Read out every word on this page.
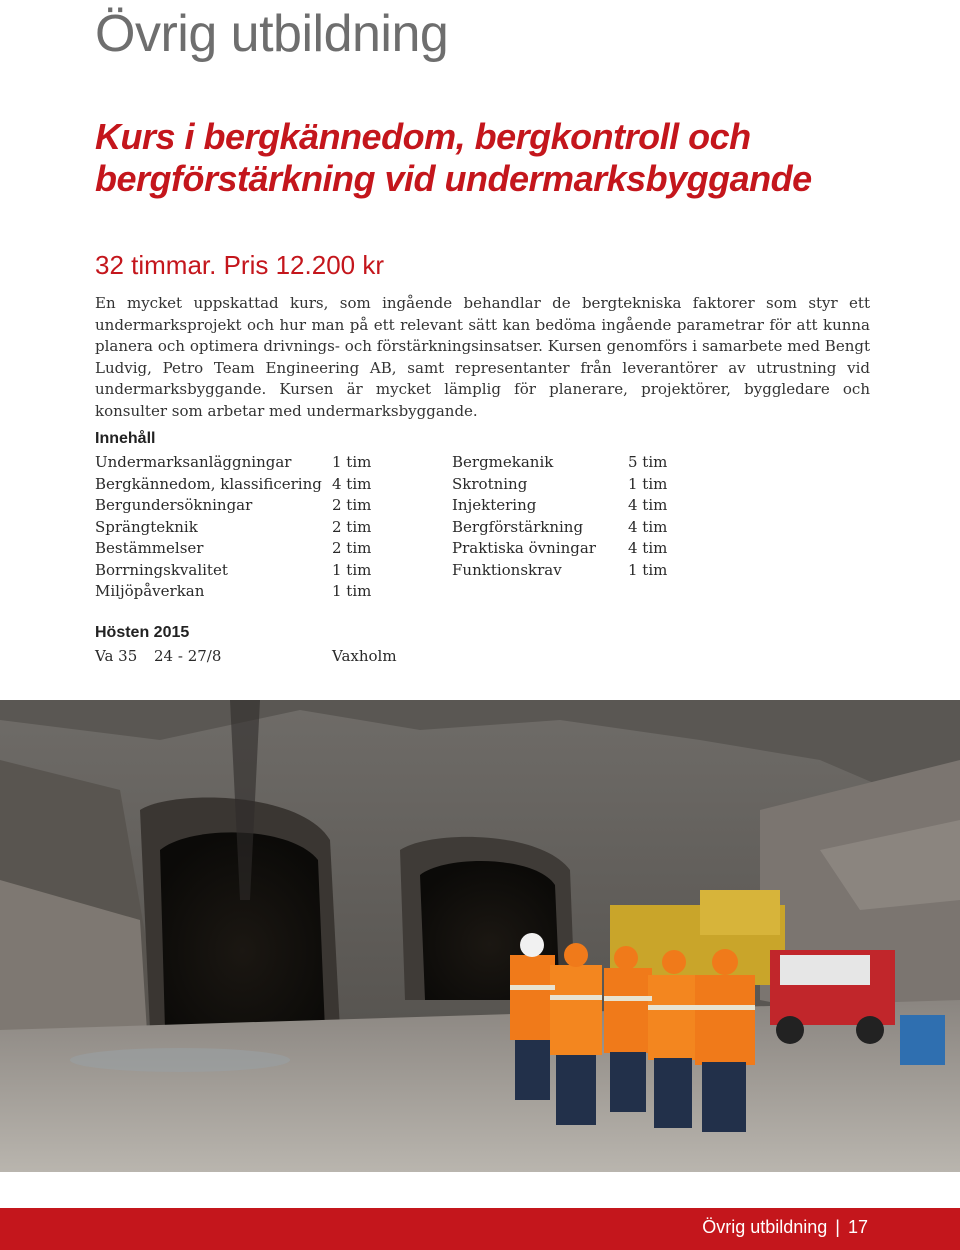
Övrig utbildning
Kurs i bergkännedom, bergkontroll och bergförstärkning vid undermarksbyggande
32 timmar. Pris 12.200 kr
En mycket uppskattad kurs, som ingående behandlar de bergtekniska faktorer som styr ett undermarksprojekt och hur man på ett relevant sätt kan bedöma ingående parametrar för att kunna planera och optimera drivnings- och förstärkningsinsatser. Kursen genomförs i samarbete med Bengt Ludvig, Petro Team Engineering AB, samt representanter från leverantörer av utrustning vid undermarksbyggande. Kursen är mycket lämplig för planerare, projektörer, byggledare och konsulter som arbetar med undermarksbyggande.
Innehåll
Undermarksanläggningar	1 tim
Bergkännedom, klassificering 4 tim
Bergundersökningar	2 tim
Sprängteknik	2 tim
Bestämmelser	2 tim
Borrningskvalitet	1 tim
Miljöpåverkan	1 tim
Bergmekanik	5 tim
Skrotning	1 tim
Injektering	4 tim
Bergförstärkning	4 tim
Praktiska övningar 4 tim
Funktionskrav	1 tim
Hösten 2015
Va 35 24 - 27/8	Vaxholm
Övrig utbildning | 17
